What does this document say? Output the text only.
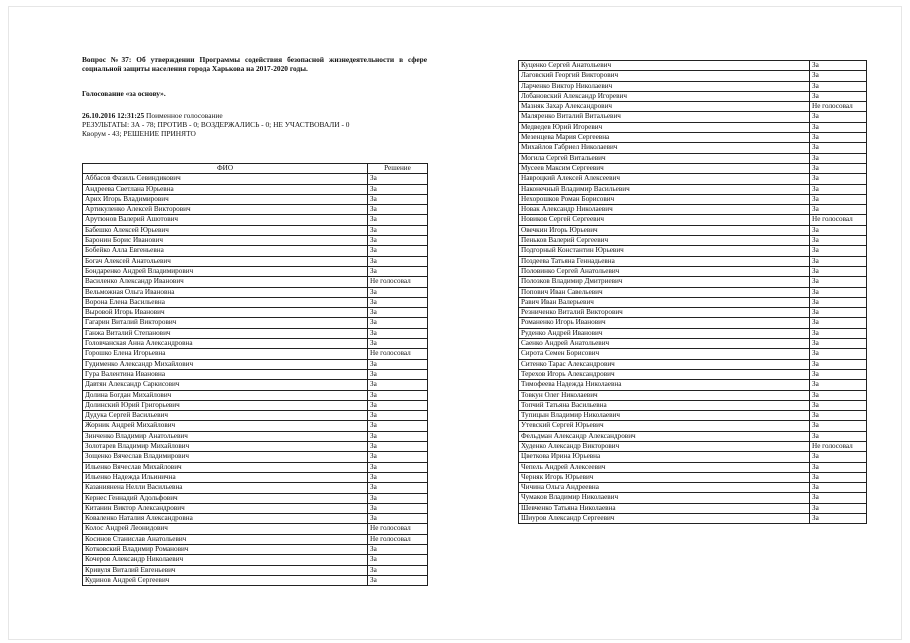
Вопрос №37: Об утверждении Программы содействия безопасной жизнедеятельности в сфере социальной защиты населения города Харькова на 2017-2020 годы.
Голосование «за основу».
26.10.2016 12:31:25 Поименное голосование
РЕЗУЛЬТАТЫ: ЗА - 78; ПРОТИВ - 0; ВОЗДЕРЖАЛИСЬ - 0; НЕ УЧАСТВОВАЛИ - 0
Кворум - 43; РЕШЕНИЕ ПРИНЯТО
ФИО	Решение
Аббасов Фазиль Севиндикович	За
Андреева Светлана Юрьевна	За
Арих Игорь Владимирович	За
Артикуленко Алексей Викторович	За
Арутюнов Валерий Ашотович	За
Бабешко Алексей Юрьевич	За
Баронин Борис Иванович	За
Бобейко Алла Евгеньевна	За
Богач Алексей Анатольевич	За
Бондаренко Андрей Владимирович	За
Василенко Александр Иванович	Не голосовал
Вельможная Ольга Ивановна	За
Ворона Елена Васильевна	За
Выровой Игорь Иванович	За
Гагарин Виталий Викторович	За
Ганжа Виталий Степанович	За
Головчанская Анна Александровна	За
Горошко Елена Игорьевна	Не голосовал
Гудименко Александр Михайлович	За
Гура Валентина Ивановна	За
Давтян Александр Саркисович	За
Долина Богдан Михайлович	За
Долинский Юрий Григорьевич	За
Дудука Сергей Васильевич	За
Жорник Андрей Михайлович	За
Зинченко Владимир Анатольевич	За
Золотарев Владимир Михайлович	За
Зощенко Вячеслав Владимирович	За
Ильенко Вячеслав Михайлович	За
Ильенко Надежда Ильинична	За
Казаниянена Нелли Васильевна	За
Кернес Геннадий Адольфович	За
Китанин Виктор Александрович	За
Коваленко Наталия Александровна	За
Колос Андрей Леонидович	Не голосовал
Косинов Станислав Анатольевич	Не голосовал
Котковский Владимир Романович	За
Кочеров Александр Николаевич	За
Кривуля Виталий Евгеньевич	За
Кудинов Андрей Сергеевич	За
Куценко Сергей Анатольевич	За
Лаговский Георгий Викторович	За
Ларченко Виктор Николаевич	За
Лобановский Александр Игоревич	За
Мазняк Захар Александрович	Не голосовал
Маляренко Виталий Витальевич	За
Медведев Юрий Игоревич	За
Мезенцева Мария Сергеевна	За
Михайлов Габриел Николаевич	За
Могила Сергей Витальевич	За
Мусеев Максим Сергеевич	За
Навроцкий Алексей Алексеевич	За
Наконечный Владимир Васильевич	За
Нехорошков Роман Борисович	За
Новак Александр Николаевич	За
Новиков Сергей Сергеевич	Не голосовал
Овечкин Игорь Юрьевич	За
Пеньков Валерий Сергеевич	За
Подгорный Константин Юрьевич	За
Поздеева Татьяна Геннадьевна	За
Половинко Сергей Анатольевич	За
Полозков Владимир Дмитриевич	За
Попович Иван Савельевич	За
Равич Иван Валерьевич	За
Резниченко Виталий Викторович	За
Романенко Игорь Иванович	За
Руденко Андрей Иванович	За
Саенко Андрей Анатольевич	За
Сирота Семен Борисович	За
Ситенко Тарас Александрович	За
Терехов Игорь Александрович	За
Тимофеева Надежда Николаевна	За
Товкун Олег Николаевич	За
Топчий Татьяна Васильевна	За
Тупицын Владимир Николаевич	За
Утевский Сергей Юрьевич	За
Фельдман Александр Александрович	За
Худенко Александр Викторович	Не голосовал
Цветкова Ирина Юрьевна	За
Чепель Андрей Алексеевич	За
Черняк Игорь Юрьевич	За
Чичина Ольга Андреевна	За
Чумаков Владимир Николаевич	За
Шевченко Татьяна Николаевна	За
Шиуров Александр Сергеевич	За
